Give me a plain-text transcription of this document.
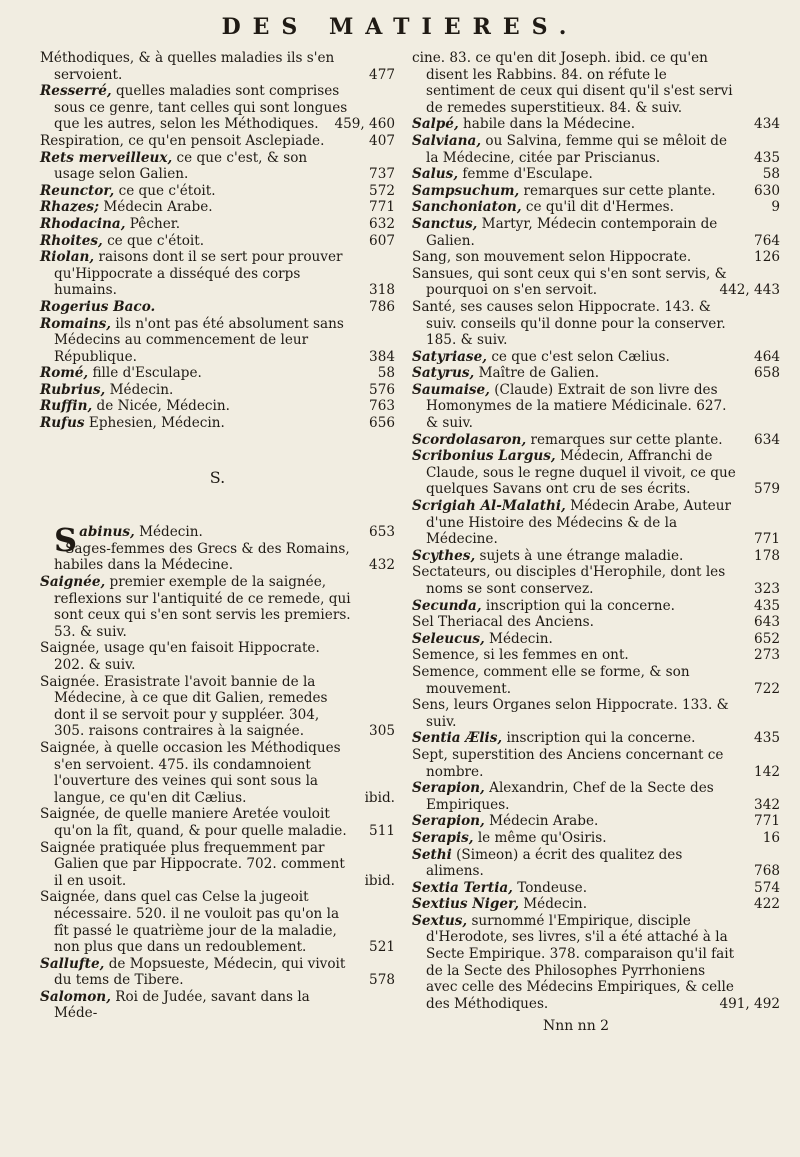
DES MATIERES.

Méthodiques, & à quelles maladies ils s'en servoient.	477

Resserré, quelles maladies sont comprises sous ce genre, tant celles qui sont longues que les autres, selon les Méthodiques. 459, 460

Respiration, ce qu'en pensoit Asclepiade.	407

Rets merveilleux, ce que c'est, & son usage selon Galien.	737

Reunctor, ce que c'étoit.	572

Rhazes; Médecin Arabe.	771

Rhodacina, Pêcher.	632

Rhoites, ce que c'étoit.	607

Riolan, raisons dont il se sert pour prouver qu'Hippocrate a disséqué des corps humains.	318

Rogerius Baco.	786

Romains, ils n'ont pas été absolument sans Médecins au commencement de leur République.	384

Romé, fille d'Esculape.	58

Rubrius, Médecin.	576

Ruffin, de Nicée, Médecin.	763

Rufus Ephesien, Médecin.	656

S.

Sabinus, Médecin.	653

Sages-femmes des Grecs & des Romains, habiles dans la Médecine.	432

Saignée, premier exemple de la saignée, reflexions sur l'antiquité de ce remede, qui sont ceux qui s'en sont servis les premiers. 53. & suiv.

Saignée, usage qu'en faisoit Hippocrate. 202. & suiv.

Saignée. Erasistrate l'avoit bannie de la Médecine, à ce que dit Galien, remedes dont il se servoit pour y suppléer. 304, 305. raisons contraires à la saignée.	305

Saignée, à quelle occasion les Méthodiques s'en servoient. 475. ils condamnoient l'ouverture des veines qui sont sous la langue, ce qu'en dit Cælius.	ibid.

Saignée, de quelle maniere Aretée vouloit qu'on la fît, quand, & pour quelle maladie. 511

Saignée pratiquée plus frequemment par Galien que par Hippocrate. 702. comment il en usoit.	ibid.

Saignée, dans quel cas Celse la jugeoit nécessaire. 520. il ne vouloit pas qu'on la fît passé le quatrième jour de la maladie, non plus que dans un redoublement.	521

Sallufte, de Mopsueste, Médecin, qui vivoit du tems de Tibere.	578

Salomon, Roi de Judée, savant dans la Méde-

cine. 83. ce qu'en dit Joseph. ibid. ce qu'en disent les Rabbins. 84. on réfute le sentiment de ceux qui disent qu'il s'est servi de remedes superstitieux. 84. & suiv.

Salpé, habile dans la Médecine.	434

Salviana, ou Salvina, femme qui se mêloit de la Médecine, citée par Priscianus.	435

Salus, femme d'Esculape.	58

Sampsuchum, remarques sur cette plante.	630

Sanchoniaton, ce qu'il dit d'Hermes.	9

Sanctus, Martyr, Médecin contemporain de Galien.	764

Sang, son mouvement selon Hippocrate.	126

Sansues, qui sont ceux qui s'en sont servis, & pourquoi on s'en servoit.	442, 443

Santé, ses causes selon Hippocrate. 143. & suiv. conseils qu'il donne pour la conserver. 185. & suiv.

Satyriase, ce que c'est selon Cælius.	464

Satyrus, Maître de Galien.	658

Saumaise, (Claude) Extrait de son livre des Homonymes de la matiere Médicinale. 627. & suiv.

Scordolasaron, remarques sur cette plante. 634

Scribonius Largus, Médecin, Affranchi de Claude, sous le regne duquel il vivoit, ce que quelques Savans ont cru de ses écrits.	579

Scrigiah Al-Malathi, Médecin Arabe, Auteur d'une Histoire des Médecins & de la Médecine.	771

Scythes, sujets à une étrange maladie.	178

Sectateurs, ou disciples d'Herophile, dont les noms se sont conservez.	323

Secunda, inscription qui la concerne.	435

Sel Theriacal des Anciens.	643

Seleucus, Médecin.	652

Semence, si les femmes en ont.	273

Semence, comment elle se forme, & son mouvement.	722

Sens, leurs Organes selon Hippocrate. 133. & suiv.

Sentia Ælis, inscription qui la concerne.	435

Sept, superstition des Anciens concernant ce nombre.	142

Serapion, Alexandrin, Chef de la Secte des Empiriques.	342

Serapion, Médecin Arabe.	771

Serapis, le même qu'Osiris.	16

Sethi (Simeon) a écrit des qualitez des alimens.	768

Sextia Tertia, Tondeuse.	574

Sextius Niger, Médecin.	422

Sextus, surnommé l'Empirique, disciple d'Herodote, ses livres, s'il a été attaché à la Secte Empirique. 378. comparaison qu'il fait de la Secte des Philosophes Pyrrhoniens avec celle des Médecins Empiriques, & celle des Méthodiques.	491, 492

Nnn nn 2
